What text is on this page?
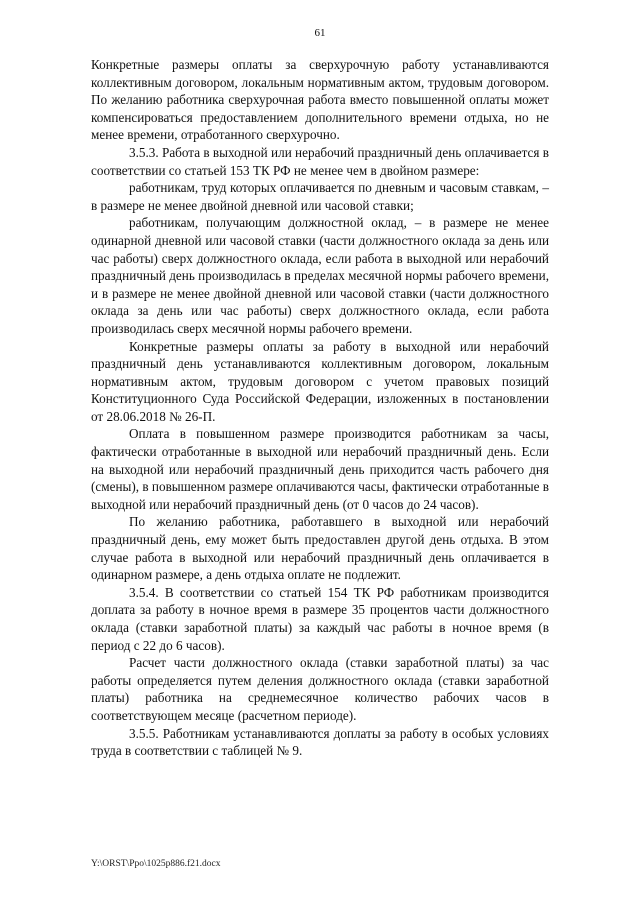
61

Конкретные размеры оплаты за сверхурочную работу устанавливаются коллективным договором, локальным нормативным актом, трудовым договором. По желанию работника сверхурочная работа вместо повышенной оплаты может компенсироваться предоставлением дополнительного времени отдыха, но не менее времени, отработанного сверхурочно.

3.5.3. Работа в выходной или нерабочий праздничный день оплачивается в соответствии со статьей 153 ТК РФ не менее чем в двойном размере:

работникам, труд которых оплачивается по дневным и часовым ставкам, – в размере не менее двойной дневной или часовой ставки;

работникам, получающим должностной оклад, – в размере не менее одинарной дневной или часовой ставки (части должностного оклада за день или час работы) сверх должностного оклада, если работа в выходной или нерабочий праздничный день производилась в пределах месячной нормы рабочего времени, и в размере не менее двойной дневной или часовой ставки (части должностного оклада за день или час работы) сверх должностного оклада, если работа производилась сверх месячной нормы рабочего времени.

Конкретные размеры оплаты за работу в выходной или нерабочий праздничный день устанавливаются коллективным договором, локальным нормативным актом, трудовым договором с учетом правовых позиций Конституционного Суда Российской Федерации, изложенных в постановлении от 28.06.2018 № 26-П.

Оплата в повышенном размере производится работникам за часы, фактически отработанные в выходной или нерабочий праздничный день. Если на выходной или нерабочий праздничный день приходится часть рабочего дня (смены), в повышенном размере оплачиваются часы, фактически отработанные в выходной или нерабочий праздничный день (от 0 часов до 24 часов).

По желанию работника, работавшего в выходной или нерабочий праздничный день, ему может быть предоставлен другой день отдыха. В этом случае работа в выходной или нерабочий праздничный день оплачивается в одинарном размере, а день отдыха оплате не подлежит.

3.5.4. В соответствии со статьей 154 ТК РФ работникам производится доплата за работу в ночное время в размере 35 процентов части должностного оклада (ставки заработной платы) за каждый час работы в ночное время (в период с 22 до 6 часов).

Расчет части должностного оклада (ставки заработной платы) за час работы определяется путем деления должностного оклада (ставки заработной платы) работника на среднемесячное количество рабочих часов в соответствующем месяце (расчетном периоде).

3.5.5. Работникам устанавливаются доплаты за работу в особых условиях труда в соответствии с таблицей № 9.

Y:\ORST\Ppo\1025p886.f21.docx
